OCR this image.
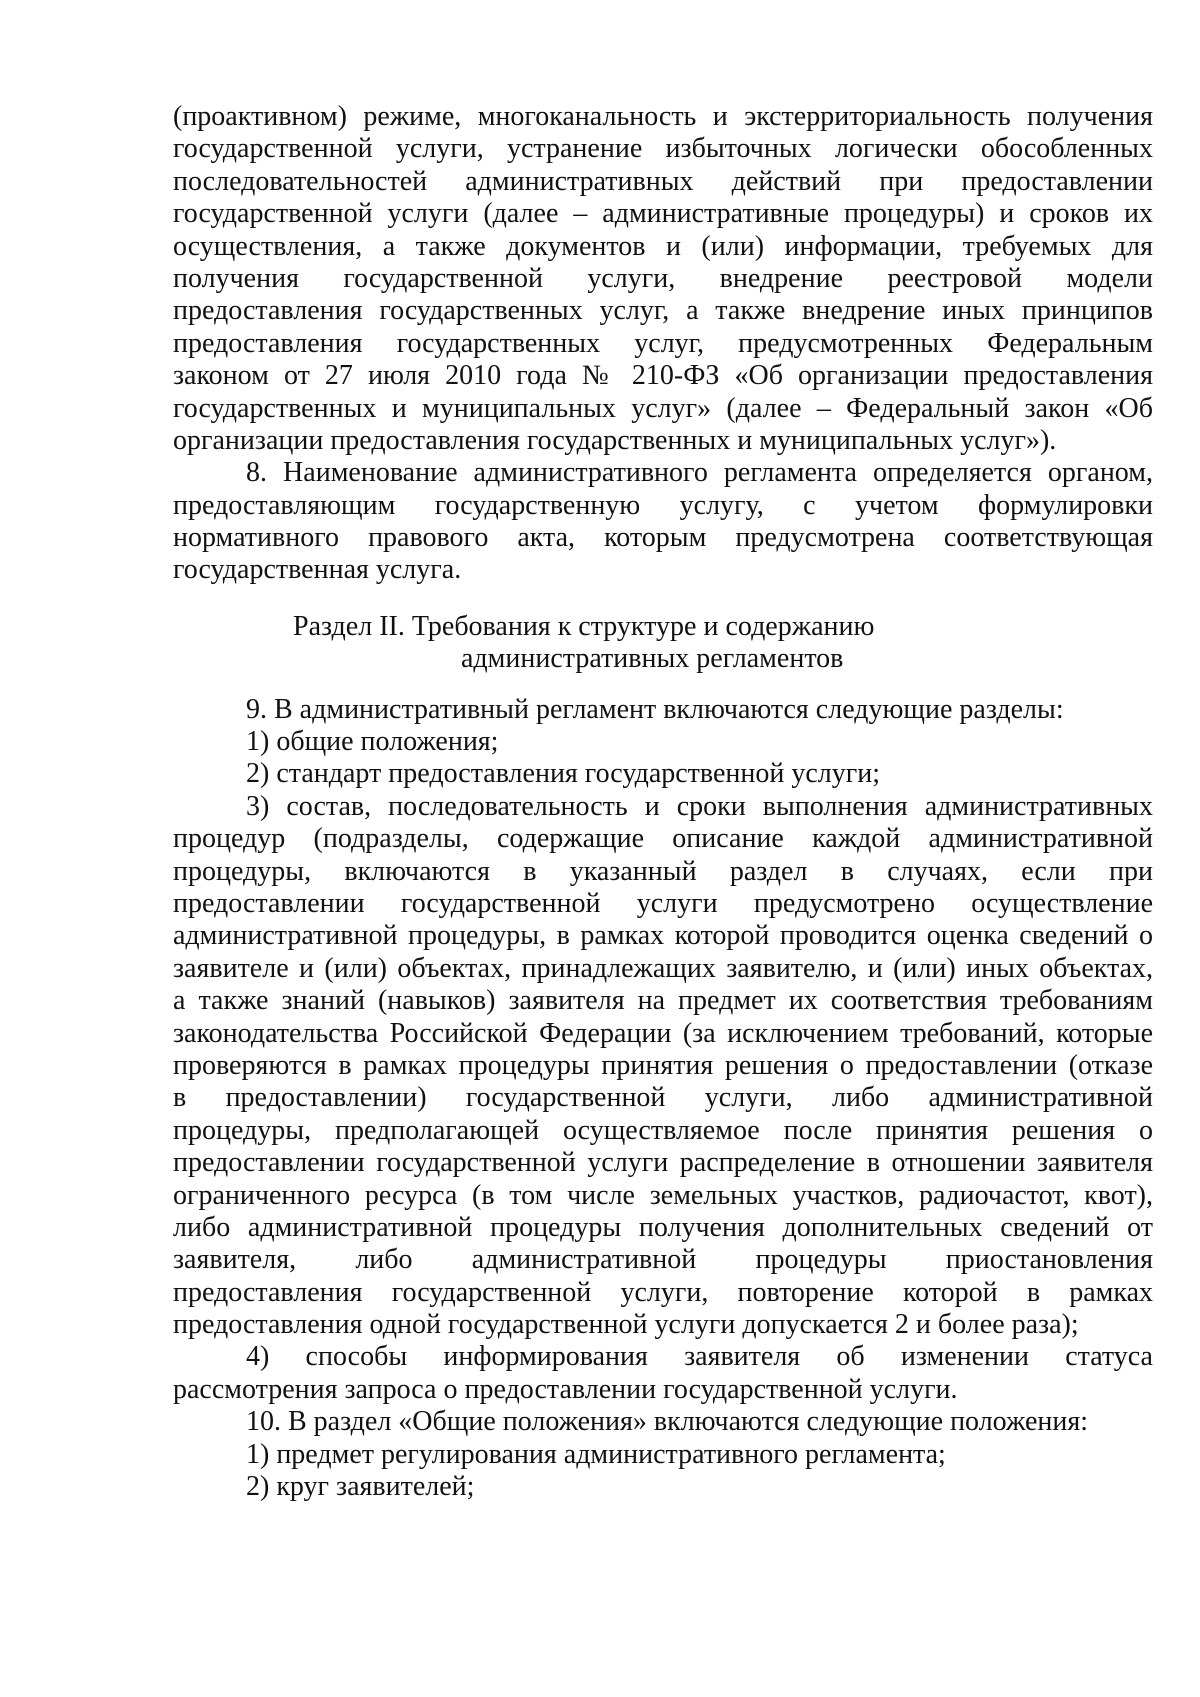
(проактивном) режиме, многоканальность и экстерриториальность получения
государственной услуги, устранение избыточных логически обособленных
последовательностей административных действий при предоставлении
государственной услуги (далее – административные процедуры) и сроков их
осуществления, а также документов и (или) информации, требуемых для
получения государственной услуги, внедрение реестровой модели
предоставления государственных услуг, а также внедрение иных принципов
предоставления государственных услуг, предусмотренных Федеральным
законом от 27 июля 2010 года № 210-ФЗ «Об организации предоставления
государственных и муниципальных услуг» (далее – Федеральный закон «Об
организации предоставления государственных и муниципальных услуг»).
8. Наименование административного регламента определяется органом,
предоставляющим государственную услугу, с учетом формулировки
нормативного правового акта, которым предусмотрена соответствующая
государственная услуга.
Раздел II. Требования к структуре и содержанию
административных регламентов
9. В административный регламент включаются следующие разделы:
1) общие положения;
2) стандарт предоставления государственной услуги;
3) состав, последовательность и сроки выполнения административных
процедур (подразделы, содержащие описание каждой административной
процедуры, включаются в указанный раздел в случаях, если при
предоставлении государственной услуги предусмотрено осуществление
административной процедуры, в рамках которой проводится оценка сведений о
заявителе и (или) объектах, принадлежащих заявителю, и (или) иных объектах,
а также знаний (навыков) заявителя на предмет их соответствия требованиям
законодательства Российской Федерации (за исключением требований, которые
проверяются в рамках процедуры принятия решения о предоставлении (отказе
в предоставлении) государственной услуги, либо административной
процедуры, предполагающей осуществляемое после принятия решения о
предоставлении государственной услуги распределение в отношении заявителя
ограниченного ресурса (в том числе земельных участков, радиочастот, квот),
либо административной процедуры получения дополнительных сведений от
заявителя, либо административной процедуры приостановления
предоставления государственной услуги, повторение которой в рамках
предоставления одной государственной услуги допускается 2 и более раза);
4) способы информирования заявителя об изменении статуса
рассмотрения запроса о предоставлении государственной услуги.
10. В раздел «Общие положения» включаются следующие положения:
1) предмет регулирования административного регламента;
2) круг заявителей;
